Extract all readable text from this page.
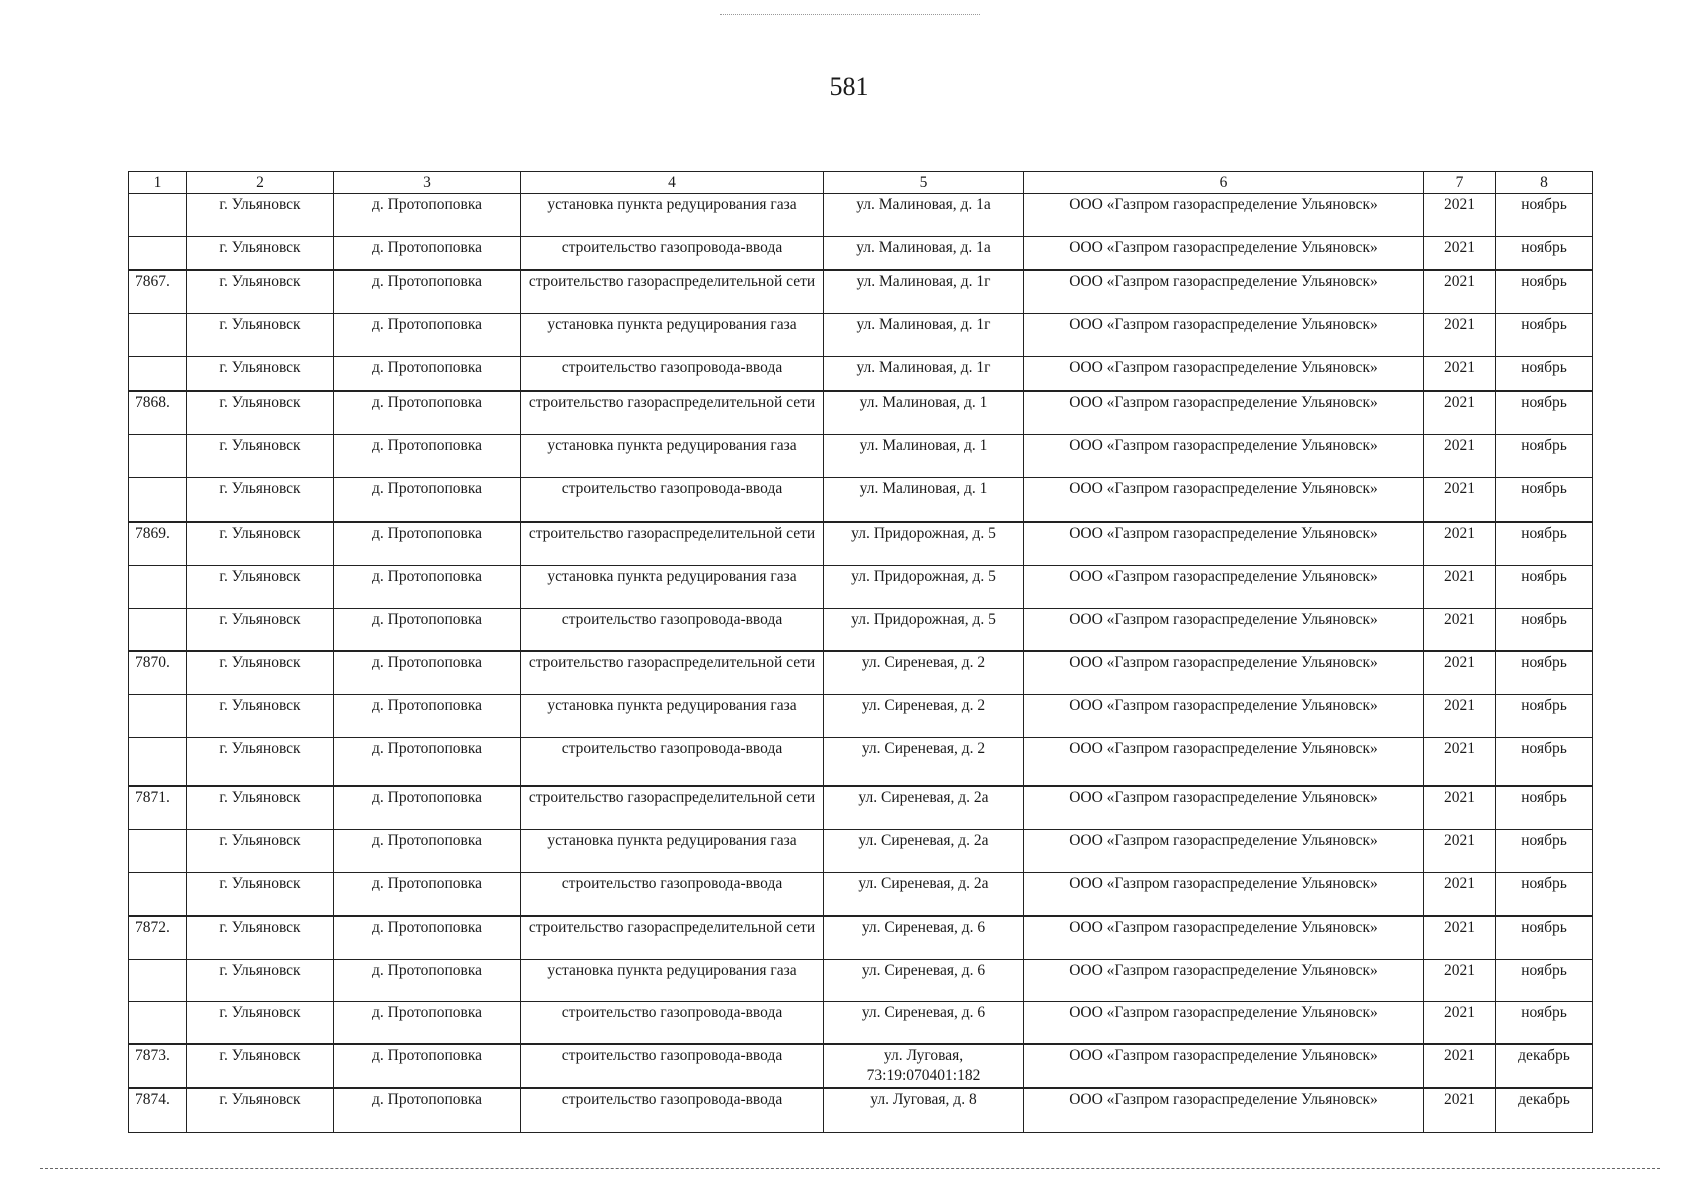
581
1	2	3	4	5	6	7	8
	г. Ульяновск	д. Протопоповка	установка пункта редуцирования газа	ул. Малиновая, д. 1а	ООО «Газпром газораспределение Ульяновск»	2021	ноябрь
	г. Ульяновск	д. Протопоповка	строительство газопровода-ввода	ул. Малиновая, д. 1а	ООО «Газпром газораспределение Ульяновск»	2021	ноябрь
7867.	г. Ульяновск	д. Протопоповка	строительство газораспределительной сети	ул. Малиновая, д. 1г	ООО «Газпром газораспределение Ульяновск»	2021	ноябрь
	г. Ульяновск	д. Протопоповка	установка пункта редуцирования газа	ул. Малиновая, д. 1г	ООО «Газпром газораспределение Ульяновск»	2021	ноябрь
	г. Ульяновск	д. Протопоповка	строительство газопровода-ввода	ул. Малиновая, д. 1г	ООО «Газпром газораспределение Ульяновск»	2021	ноябрь
7868.	г. Ульяновск	д. Протопоповка	строительство газораспределительной сети	ул. Малиновая, д. 1	ООО «Газпром газораспределение Ульяновск»	2021	ноябрь
	г. Ульяновск	д. Протопоповка	установка пункта редуцирования газа	ул. Малиновая, д. 1	ООО «Газпром газораспределение Ульяновск»	2021	ноябрь
	г. Ульяновск	д. Протопоповка	строительство газопровода-ввода	ул. Малиновая, д. 1	ООО «Газпром газораспределение Ульяновск»	2021	ноябрь
7869.	г. Ульяновск	д. Протопоповка	строительство газораспределительной сети	ул. Придорожная, д. 5	ООО «Газпром газораспределение Ульяновск»	2021	ноябрь
	г. Ульяновск	д. Протопоповка	установка пункта редуцирования газа	ул. Придорожная, д. 5	ООО «Газпром газораспределение Ульяновск»	2021	ноябрь
	г. Ульяновск	д. Протопоповка	строительство газопровода-ввода	ул. Придорожная, д. 5	ООО «Газпром газораспределение Ульяновск»	2021	ноябрь
7870.	г. Ульяновск	д. Протопоповка	строительство газораспределительной сети	ул. Сиреневая, д. 2	ООО «Газпром газораспределение Ульяновск»	2021	ноябрь
	г. Ульяновск	д. Протопоповка	установка пункта редуцирования газа	ул. Сиреневая, д. 2	ООО «Газпром газораспределение Ульяновск»	2021	ноябрь
	г. Ульяновск	д. Протопоповка	строительство газопровода-ввода	ул. Сиреневая, д. 2	ООО «Газпром газораспределение Ульяновск»	2021	ноябрь
7871.	г. Ульяновск	д. Протопоповка	строительство газораспределительной сети	ул. Сиреневая, д. 2а	ООО «Газпром газораспределение Ульяновск»	2021	ноябрь
	г. Ульяновск	д. Протопоповка	установка пункта редуцирования газа	ул. Сиреневая, д. 2а	ООО «Газпром газораспределение Ульяновск»	2021	ноябрь
	г. Ульяновск	д. Протопоповка	строительство газопровода-ввода	ул. Сиреневая, д. 2а	ООО «Газпром газораспределение Ульяновск»	2021	ноябрь
7872.	г. Ульяновск	д. Протопоповка	строительство газораспределительной сети	ул. Сиреневая, д. 6	ООО «Газпром газораспределение Ульяновск»	2021	ноябрь
	г. Ульяновск	д. Протопоповка	установка пункта редуцирования газа	ул. Сиреневая, д. 6	ООО «Газпром газораспределение Ульяновск»	2021	ноябрь
	г. Ульяновск	д. Протопоповка	строительство газопровода-ввода	ул. Сиреневая, д. 6	ООО «Газпром газораспределение Ульяновск»	2021	ноябрь
7873.	г. Ульяновск	д. Протопоповка	строительство газопровода-ввода	ул. Луговая, 73:19:070401:182	ООО «Газпром газораспределение Ульяновск»	2021	декабрь
7874.	г. Ульяновск	д. Протопоповка	строительство газопровода-ввода	ул. Луговая, д. 8	ООО «Газпром газораспределение Ульяновск»	2021	декабрь
